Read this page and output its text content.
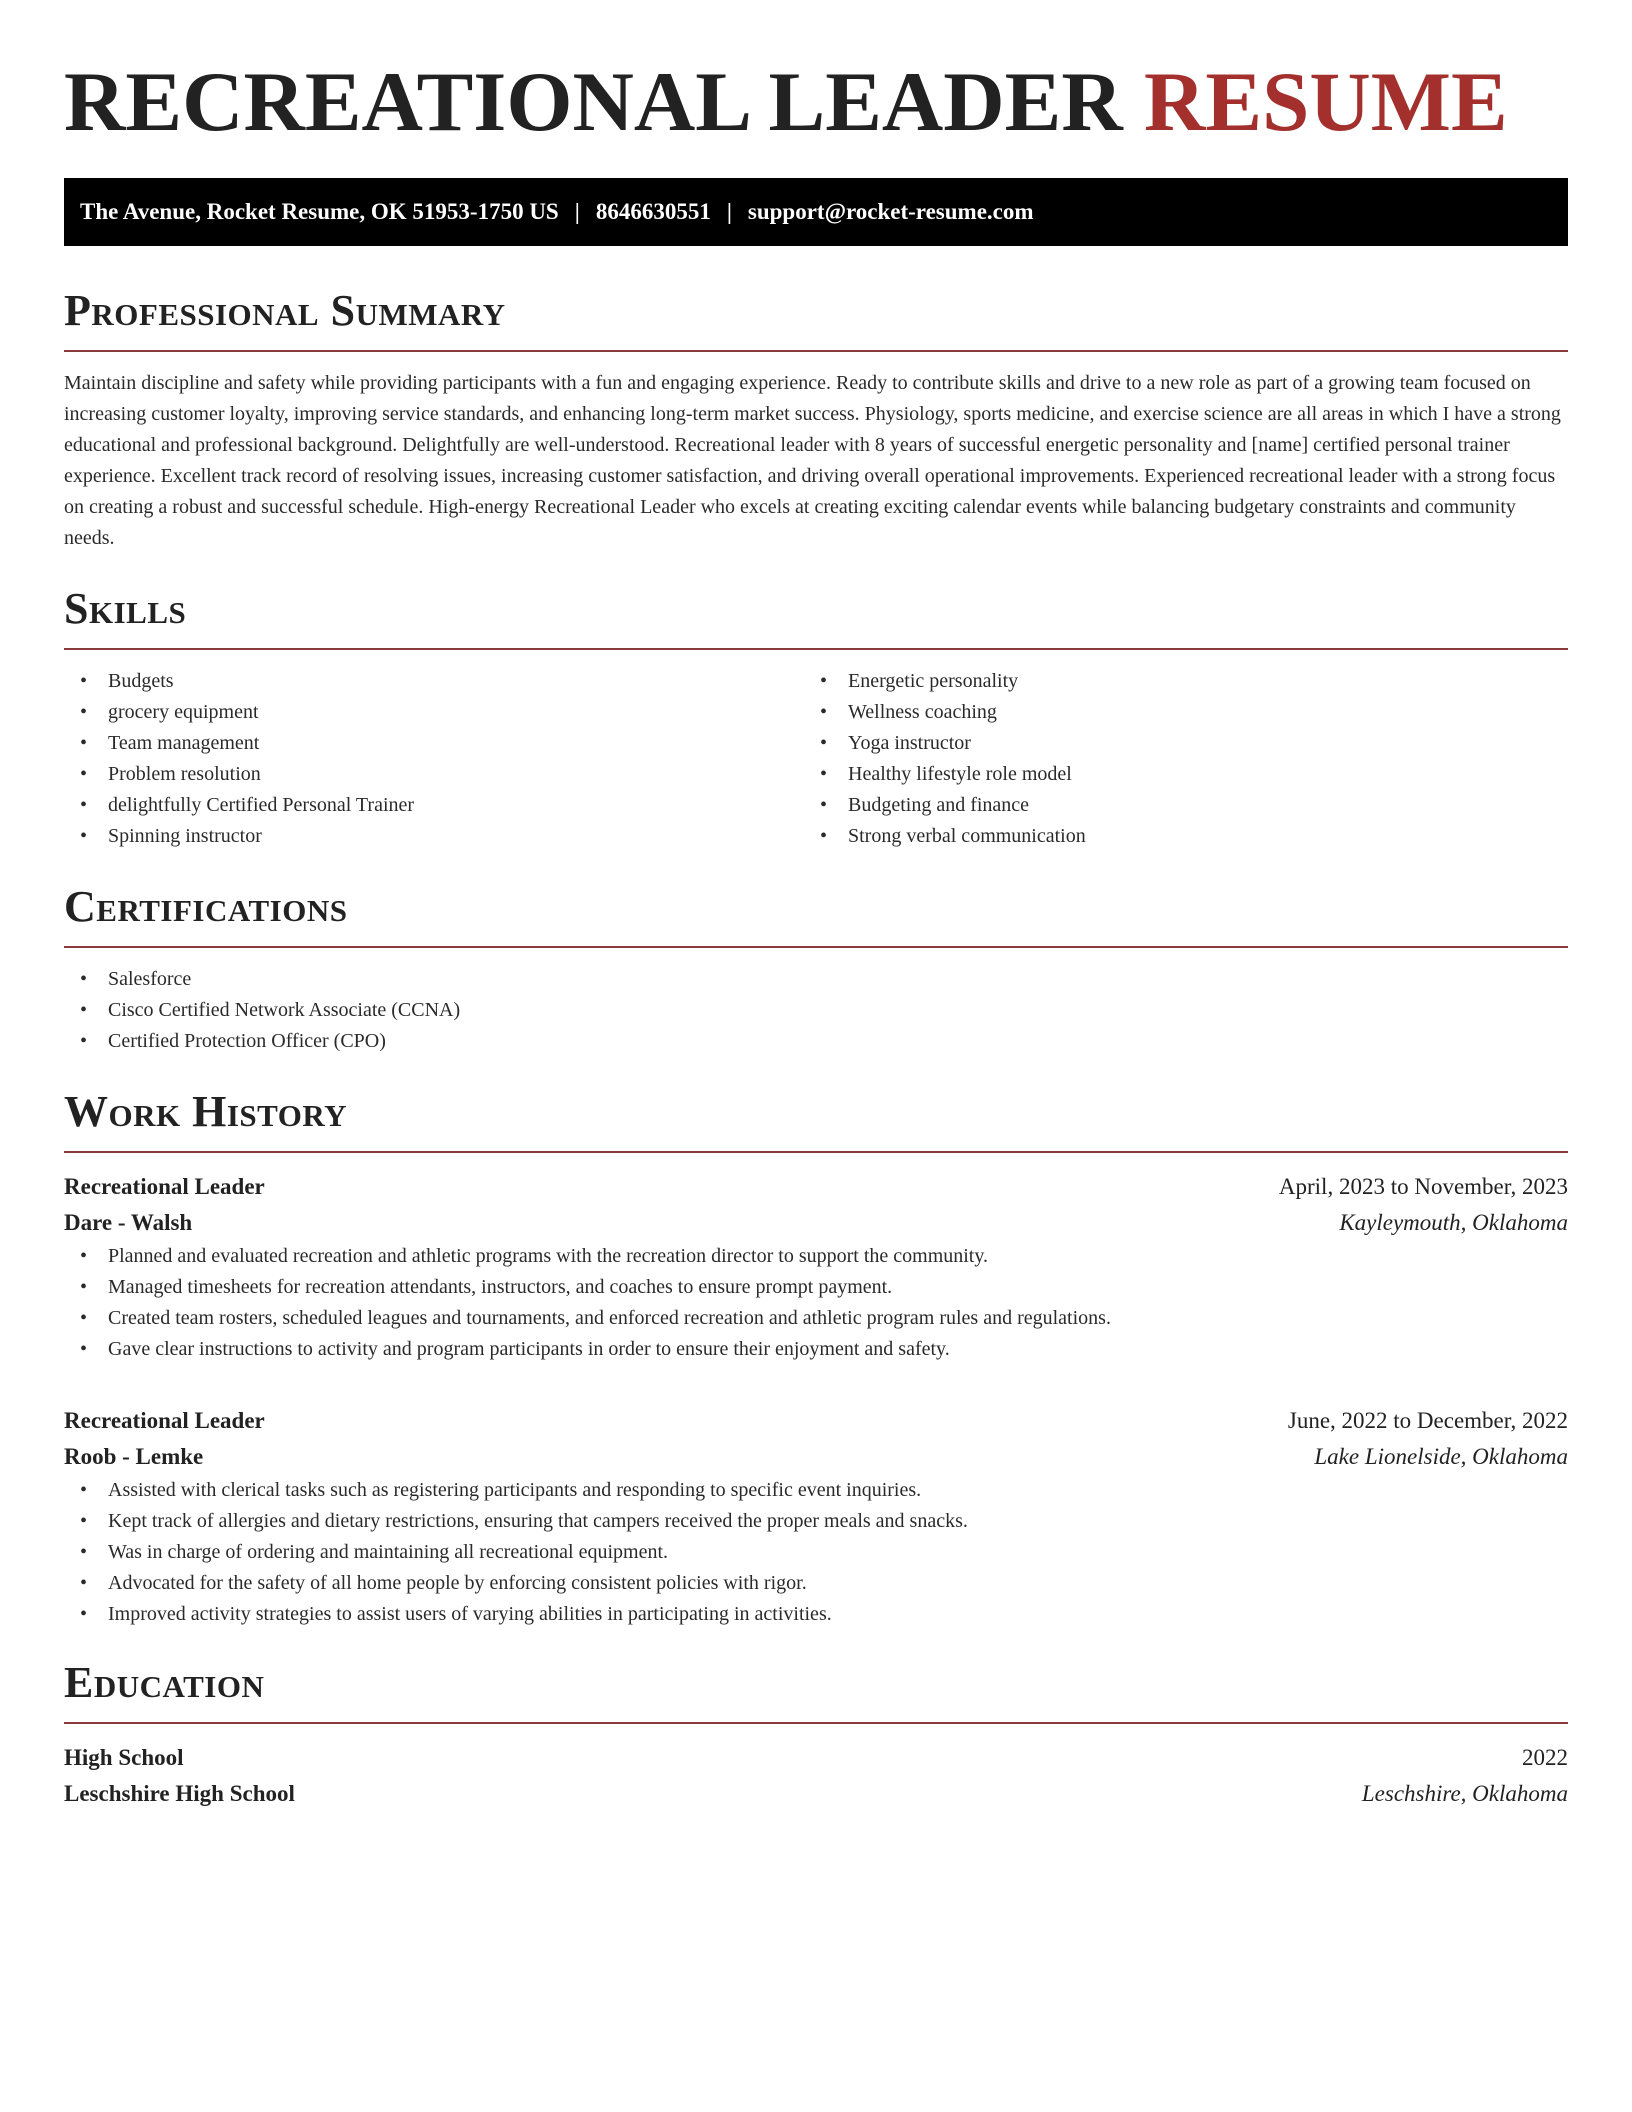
RECREATIONAL LEADER RESUME
The Avenue, Rocket Resume, OK 51953-1750 US | 8646630551 | support@rocket-resume.com
Professional Summary

Maintain discipline and safety while providing participants with a fun and engaging experience. Ready to contribute skills and drive to a new role as part of a growing team focused on increasing customer loyalty, improving service standards, and enhancing long-term market success. Physiology, sports medicine, and exercise science are all areas in which I have a strong educational and professional background. Delightfully are well-understood. Recreational leader with 8 years of successful energetic personality and [name] certified personal trainer experience. Excellent track record of resolving issues, increasing customer satisfaction, and driving overall operational improvements. Experienced recreational leader with a strong focus on creating a robust and successful schedule. High-energy Recreational Leader who excels at creating exciting calendar events while balancing budgetary constraints and community needs.

Skills
• Budgets
• grocery equipment
• Team management
• Problem resolution
• delightfully Certified Personal Trainer
• Spinning instructor
• Energetic personality
• Wellness coaching
• Yoga instructor
• Healthy lifestyle role model
• Budgeting and finance
• Strong verbal communication
Certifications
• Salesforce
• Cisco Certified Network Associate (CCNA)
• Certified Protection Officer (CPO)
Work History
Recreational Leader	April, 2023 to November, 2023
Dare - Walsh	Kayleymouth, Oklahoma
• Planned and evaluated recreation and athletic programs with the recreation director to support the community.
• Managed timesheets for recreation attendants, instructors, and coaches to ensure prompt payment.
• Created team rosters, scheduled leagues and tournaments, and enforced recreation and athletic program rules and regulations.
• Gave clear instructions to activity and program participants in order to ensure their enjoyment and safety.
Recreational Leader	June, 2022 to December, 2022
Roob - Lemke	Lake Lionelside, Oklahoma
• Assisted with clerical tasks such as registering participants and responding to specific event inquiries.
• Kept track of allergies and dietary restrictions, ensuring that campers received the proper meals and snacks.
• Was in charge of ordering and maintaining all recreational equipment.
• Advocated for the safety of all home people by enforcing consistent policies with rigor.
• Improved activity strategies to assist users of varying abilities in participating in activities.
Education
High School	2022
Leschshire High School	Leschshire, Oklahoma
